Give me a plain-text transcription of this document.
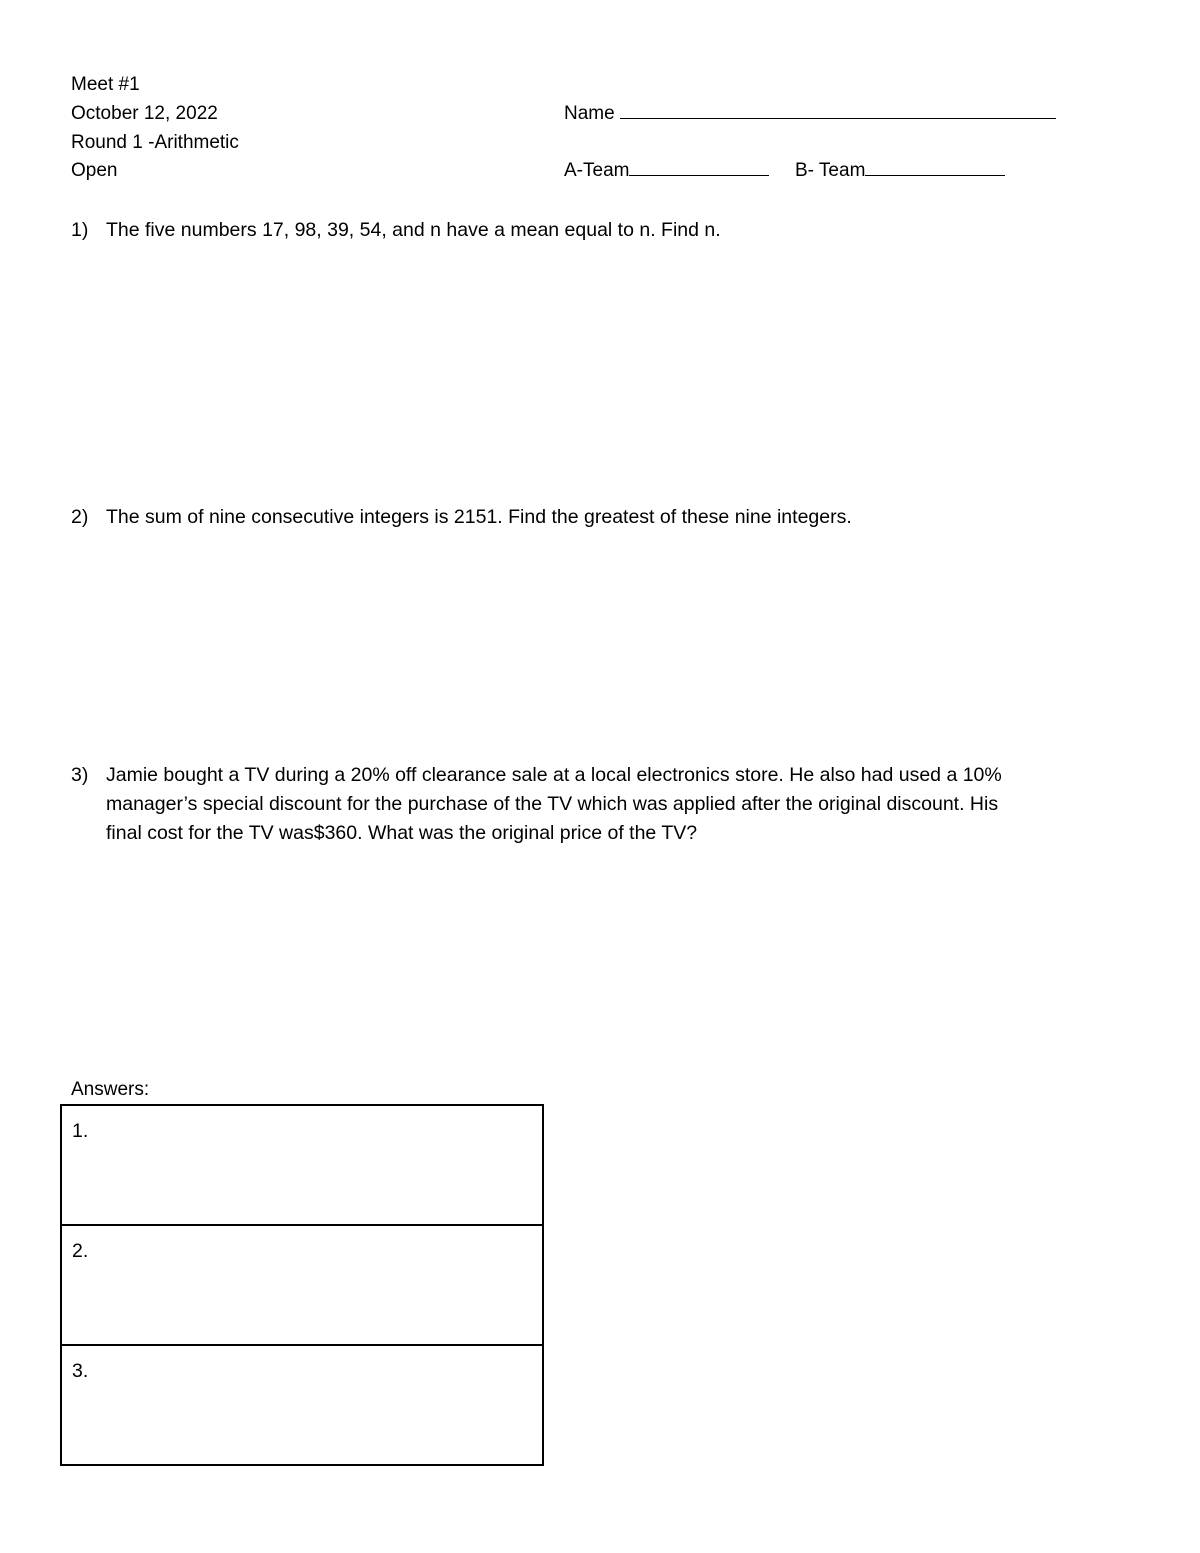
Meet #1
October 12, 2022
Round 1 -Arithmetic
Open
Name
A-Team	B- Team
1) The five numbers 17, 98, 39, 54, and n have a mean equal to n. Find n.
2) The sum of nine consecutive integers is 2151. Find the greatest of these nine integers.
3) Jamie bought a TV during a 20% off clearance sale at a local electronics store. He also had used a 10%
manager’s special discount for the purchase of the TV which was applied after the original discount. His
final cost for the TV was$360. What was the original price of the TV?
Answers:
1.
2.
3.
